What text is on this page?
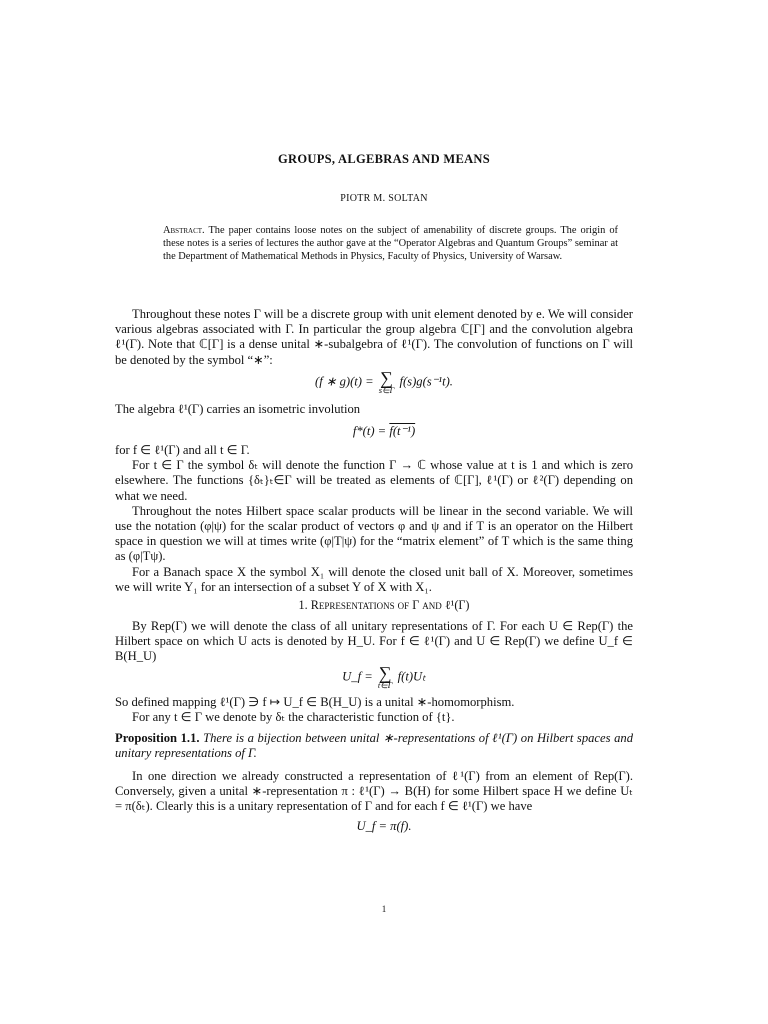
GROUPS, ALGEBRAS AND MEANS
PIOTR M. SOLTAN
Abstract. The paper contains loose notes on the subject of amenability of discrete groups. The origin of these notes is a series of lectures the author gave at the “Operator Algebras and Quantum Groups” seminar at the Department of Mathematical Methods in Physics, Faculty of Physics, University of Warsaw.

Throughout these notes Γ will be a discrete group with unit element denoted by e. We will consider various algebras associated with Γ. In particular the group algebra ℂ[Γ] and the convolution algebra ℓ¹(Γ). Note that ℂ[Γ] is a dense unital ∗-subalgebra of ℓ¹(Γ). The convolution of functions on Γ will be denoted by the symbol “∗”:

(f ∗ g)(t) = ∑
s∈Γ
f(s)g(s⁻¹t).

The algebra ℓ¹(Γ) carries an isometric involution

f*(t) = f(t⁻¹)

for f ∈ ℓ¹(Γ) and all t ∈ Γ.

For t ∈ Γ the symbol δₜ will denote the function Γ → ℂ whose value at t is 1 and which is zero elsewhere. The functions {δₜ}ₜ∈Γ will be treated as elements of ℂ[Γ], ℓ¹(Γ) or ℓ²(Γ) depending on what we need.

Throughout the notes Hilbert space scalar products will be linear in the second variable. We will use the notation (φ|ψ) for the scalar product of vectors φ and ψ and if T is an operator on the Hilbert space in question we will at times write (φ|T|ψ) for the “matrix element” of T which is the same thing as (φ|Tψ).

For a Banach space X the symbol X₁ will denote the closed unit ball of X. Moreover, sometimes we will write Y₁ for an intersection of a subset Y of X with X₁.

1. Representations of Γ and ℓ¹(Γ)

By Rep(Γ) we will denote the class of all unitary representations of Γ. For each U ∈ Rep(Γ) the Hilbert space on which U acts is denoted by H_U. For f ∈ ℓ¹(Γ) and U ∈ Rep(Γ) we define U_f ∈ B(H_U)

U_f = ∑
t∈Γ
f(t)Uₜ

So defined mapping ℓ¹(Γ) ∋ f ↦ U_f ∈ B(H_U) is a unital ∗-homomorphism.

For any t ∈ Γ we denote by δₜ the characteristic function of {t}.

Proposition 1.1. There is a bijection between unital ∗-representations of ℓ¹(Γ) on Hilbert spaces and unitary representations of Γ.

In one direction we already constructed a representation of ℓ¹(Γ) from an element of Rep(Γ). Conversely, given a unital ∗-representation π : ℓ¹(Γ) → B(H) for some Hilbert space H we define Uₜ = π(δₜ). Clearly this is a unitary representation of Γ and for each f ∈ ℓ¹(Γ) we have

U_f = π(f).
1
